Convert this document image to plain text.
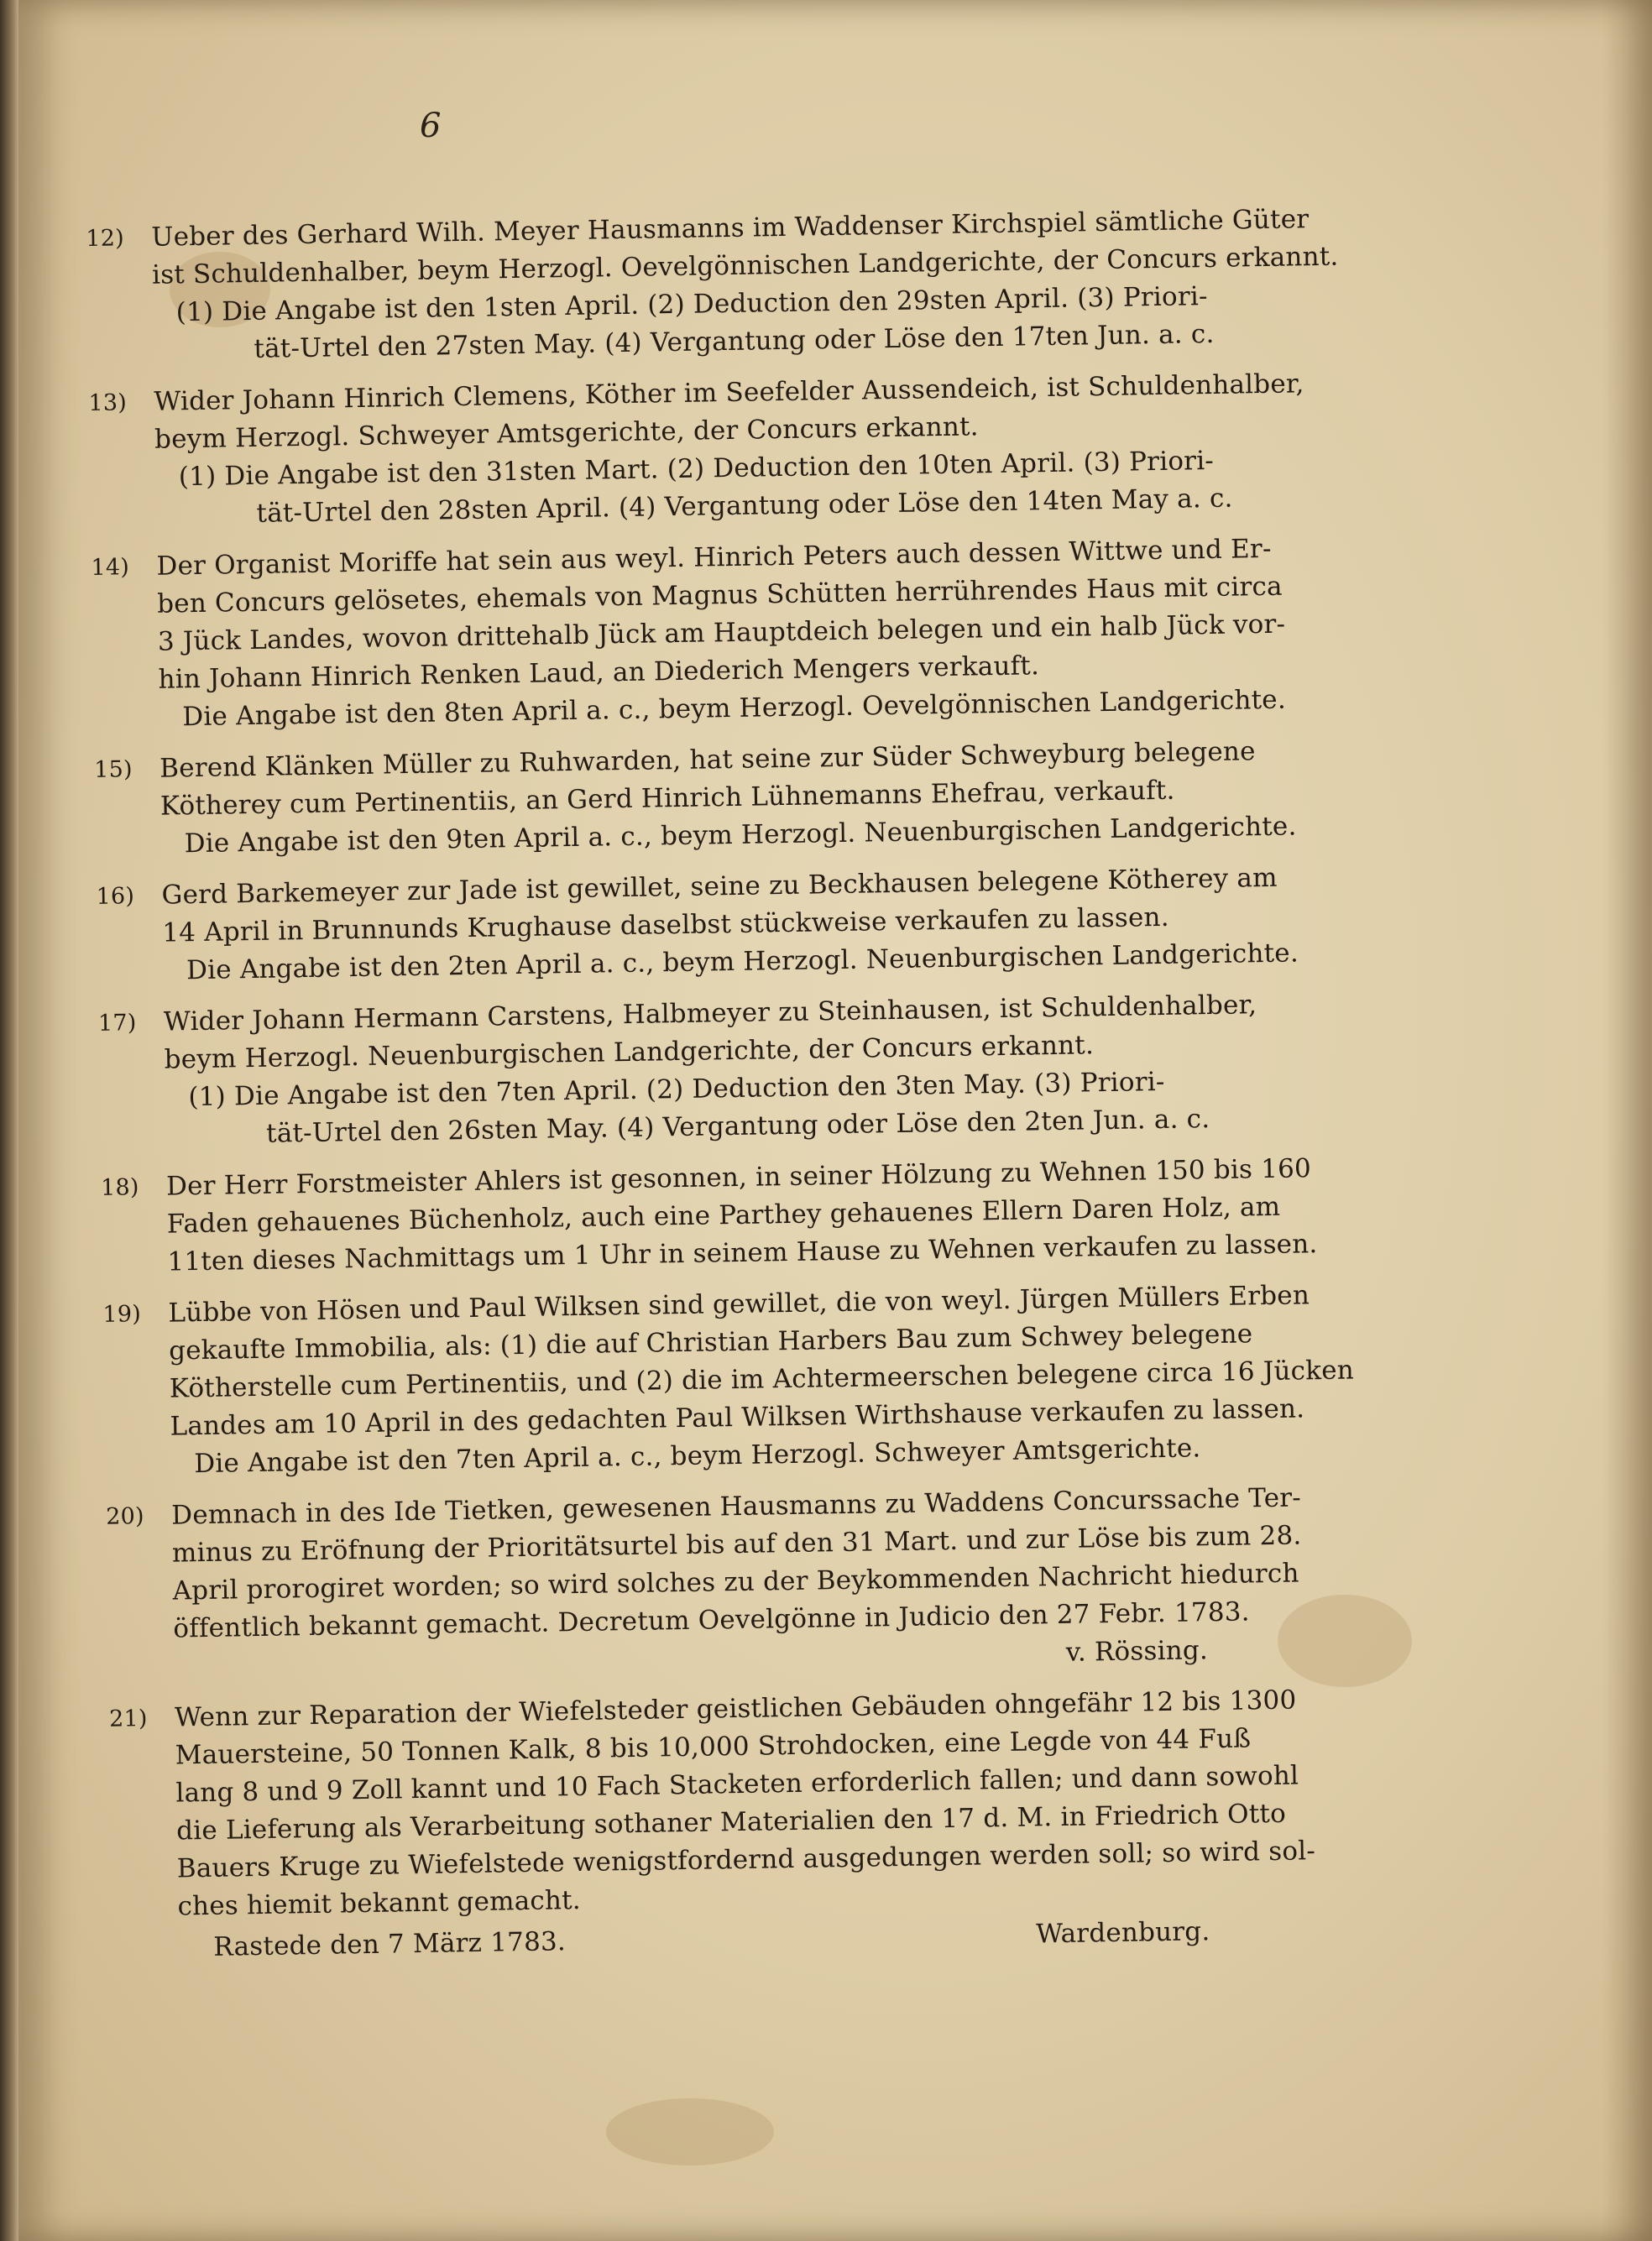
6
12)	Ueber des Gerhard Wilh. Meyer Hausmanns im Waddenser Kirchspiel sämtliche Güter
ist Schuldenhalber, beym Herzogl. Oevelgönnischen Landgerichte, der Concurs erkannt.
(1) Die Angabe ist den 1sten April. (2) Deduction den 29sten April. (3) Priori-
tät-Urtel den 27sten May. (4) Vergantung oder Löse den 17ten Jun. a. c.
13)	Wider Johann Hinrich Clemens, Köther im Seefelder Aussendeich, ist Schuldenhalber,
beym Herzogl. Schweyer Amtsgerichte, der Concurs erkannt.
(1) Die Angabe ist den 31sten Mart. (2) Deduction den 10ten April. (3) Priori-
tät-Urtel den 28sten April. (4) Vergantung oder Löse den 14ten May a. c.
14)	Der Organist Moriffe hat sein aus weyl. Hinrich Peters auch dessen Wittwe und Er-
ben Concurs gelösetes, ehemals von Magnus Schütten herrührendes Haus mit circa
3 Jück Landes, wovon drittehalb Jück am Hauptdeich belegen und ein halb Jück vor-
hin Johann Hinrich Renken Laud, an Diederich Mengers verkauft.
Die Angabe ist den 8ten April a. c., beym Herzogl. Oevelgönnischen Landgerichte.
15)	Berend Klänken Müller zu Ruhwarden, hat seine zur Süder Schweyburg belegene
Kötherey cum Pertinentiis, an Gerd Hinrich Lühnemanns Ehefrau, verkauft.
Die Angabe ist den 9ten April a. c., beym Herzogl. Neuenburgischen Landgerichte.
16)	Gerd Barkemeyer zur Jade ist gewillet, seine zu Beckhausen belegene Kötherey am
14 April in Brunnunds Krughause daselbst stückweise verkaufen zu lassen.
Die Angabe ist den 2ten April a. c., beym Herzogl. Neuenburgischen Landgerichte.
17)	Wider Johann Hermann Carstens, Halbmeyer zu Steinhausen, ist Schuldenhalber,
beym Herzogl. Neuenburgischen Landgerichte, der Concurs erkannt.
(1) Die Angabe ist den 7ten April. (2) Deduction den 3ten May. (3) Priori-
tät-Urtel den 26sten May. (4) Vergantung oder Löse den 2ten Jun. a. c.
18)	Der Herr Forstmeister Ahlers ist gesonnen, in seiner Hölzung zu Wehnen 150 bis 160
Faden gehauenes Büchenholz, auch eine Parthey gehauenes Ellern Daren Holz, am
11ten dieses Nachmittags um 1 Uhr in seinem Hause zu Wehnen verkaufen zu lassen.
19)	Lübbe von Hösen und Paul Wilksen sind gewillet, die von weyl. Jürgen Müllers Erben
gekaufte Immobilia, als: (1) die auf Christian Harbers Bau zum Schwey belegene
Kötherstelle cum Pertinentiis, und (2) die im Achtermeerschen belegene circa 16 Jücken
Landes am 10 April in des gedachten Paul Wilksen Wirthshause verkaufen zu lassen.
Die Angabe ist den 7ten April a. c., beym Herzogl. Schweyer Amtsgerichte.
20)	Demnach in des Ide Tietken, gewesenen Hausmanns zu Waddens Concurssache Ter-
minus zu Eröfnung der Prioritätsurtel bis auf den 31 Mart. und zur Löse bis zum 28.
April prorogiret worden; so wird solches zu der Beykommenden Nachricht hiedurch
öffentlich bekannt gemacht. Decretum Oevelgönne in Judicio den 27 Febr. 1783.
v. Rössing.
21)	Wenn zur Reparation der Wiefelsteder geistlichen Gebäuden ohngefähr 12 bis 1300
Mauersteine, 50 Tonnen Kalk, 8 bis 10,000 Strohdocken, eine Legde von 44 Fuß
lang 8 und 9 Zoll kannt und 10 Fach Stacketen erforderlich fallen; und dann sowohl
die Lieferung als Verarbeitung sothaner Materialien den 17 d. M. in Friedrich Otto
Bauers Kruge zu Wiefelstede wenigstfordernd ausgedungen werden soll; so wird sol-
ches hiemit bekannt gemacht.
Rastede den 7 März 1783.	Wardenburg.
